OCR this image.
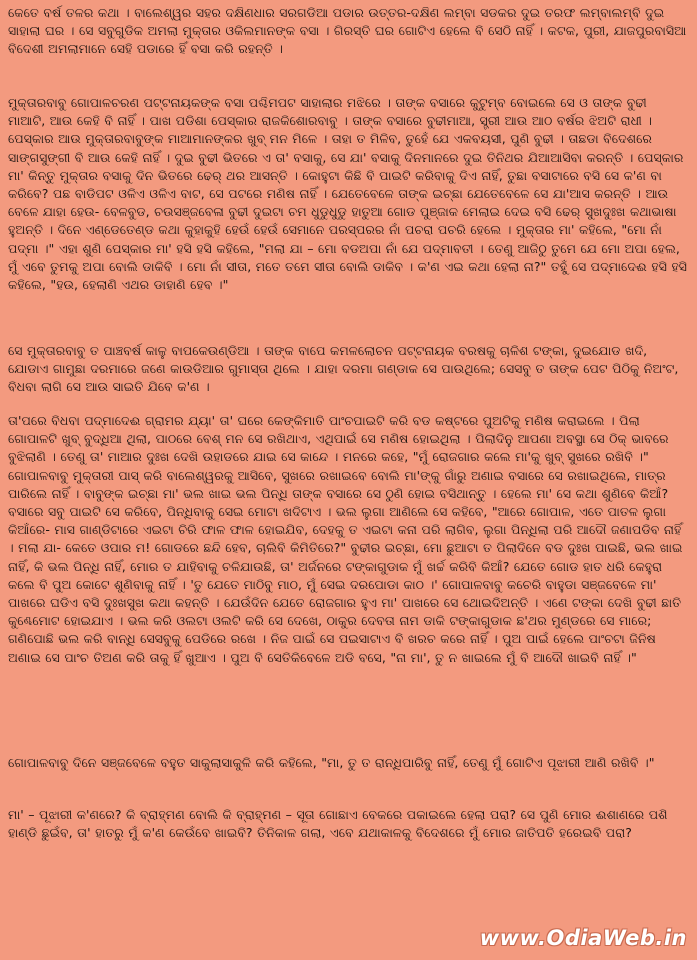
କେତେ ବର୍ଷ ତଳର କଥା । ବାଲେଶ୍ୱର ସହର ଦକ୍ଷିଣଧାର ସରଗଡିଆ ପଡାର ଉତ୍ତର-ଦକ୍ଷିଣ ଲମ୍ବା ସଡକର ଦୁଇ ତରଫ ଲମ୍ବାଲମ୍ବି ଦୁଇ ସାହାଲା ଘର । ସେ ସବୁଗୁଡିକ ଅମଲା ମୁକ୍ତାର ଓକିଲମାନଙ୍କ ବସା । ଗିରସ୍ତି ଘର ଗୋଟିଏ ହେଲେ ବି ସେଠି ନାହିଁ । କଟକ, ପୁରୀ, ଯାଜପୁରବାସିଆ ବିଦେଶୀ ଅମଲାମାନେ ସେହି ପଡାରେ ହିଁ ବସା କରି ରହନ୍ତି ।

ମୁକ୍ତାରବାବୁ ଗୋପାଳଚରଣ ପଟ୍ଟନାୟକଙ୍କ ବସା ପଶ୍ଚିମପଟ ସାହାଲାର ମଝିରେ । ତାଙ୍କ ବସାରେ କୁଟୁମ୍ବ ବୋଇଲେ ସେ ଓ ତାଙ୍କ ବୁଢୀ ମାଆଟି, ଆଉ କେହି ବି ନାହିଁ । ପାଖ ପଡିଶା ପେସ୍କାର ରାଜକିଶୋରବାବୁ । ତାଙ୍କ ବସାରେ ବୁଢୀମାଆ, ସ୍ତ୍ରୀ ଆଉ ଆଠ ବର୍ଷର ଝିଅଟି ରାଧୀ । ପେସ୍କାର ଆଉ ମୁକ୍ତାରବାବୁଙ୍କ ମାଆମାନଙ୍କର ଖୁବ୍ ମନ ମିଳେ । ତାହା ତ ମିଳିବ, ତୁହେଁ ଯେ ଏକବୟସୀ, ପୁଣି ବୁଢୀ । ତାଛଡା ବିଦେଶରେ ସାଙ୍ଗସୁଙ୍ଗୀ ବି ଆଉ କେହି ନାହିଁ । ଦୁଇ ବୁଢୀ ଭିତରେ ଏ ତା' ବସାକୁ, ସେ ଯା' ବସାକୁ ଦିନମାନରେ ଦୁଇ ତିନିଥର ଯିଆଆସିବା କରନ୍ତି । ପେସ୍କାର ମା' କିନ୍ତୁ ମୁକ୍ତାର ବସାକୁ ଦିନ ଭିତରେ ଢେର୍ ଥର ଆସନ୍ତି । କୋହୁଟା କିଛି ବି ପାଇଟି କରିବାକୁ ଦିଏ ନାହିଁ, ତୁଛା ବସାଟାରେ ବସି ସେ କ'ଣ ବା କରିବେ? ପଛ ବାଡିପଟ ଓଳିଏ ଓଳିଏ ବାଟ, ସେ ପଟରେ ମଣିଷ ନାହିଁ । ଯେତେବେଳେ ତାଙ୍କ ଇଚ୍ଛା ଯେତେବେଳେ ସେ ଯା'ଆସ କରନ୍ତି । ଆଉ ବେଳେ ଯାହା ହେଉ- ବେଳବୁଡ, ଚଉସଞ୍ଜବେଳା ବୁଢୀ ଦୁଇଟା ଚମ ଧୁଡୁଧୁଡୁ ହାତୁଆ ଗୋଡ ପୁଞ୍ଜାକ ମେଲାଇ ଦେଇ ବସି ଢେର୍ ସୁଖଦୁଃଖ କଥାଭାଷା ହୁଅନ୍ତି । ଦିନେ ଏଣ୍ଡେତେଣ୍ଡ କଥା କୁହାକୁହି ହେଉଁ ହେଉଁ ସେମାନେ ପରସ୍ପରର ନାଁ ପଚରା ପଚରି ହେଲେ । ମୁକ୍ତାର ମା' କହିଲେ, "ମୋ ନାଁ ପଦ୍ମା ।" ଏହା ଶୁଣି ପେସ୍କାର ମା' ହସି ହସି କହିଲେ, "ମଲା ଯା – ମୋ ବଡଅପା ନାଁ ଯେ ପଦ୍ମାବତୀ । ତେଣୁ ଆଜିଠୁ ତୁମେ ଯେ ମୋ ଅପା ହେଲ, ମୁଁ ଏବେ ତୁମକୁ ଅପା ବୋଲି ଡାକିବି । ମୋ ନାଁ ସୀତା, ମତେ ତମେ ସୀତା ବୋଲି ଡାକିବ । କ'ଣ ଏଇ କଥା ହେଲା ନା?" ତହୁଁ ସେ ପଦ୍ମାଦେଈ ହସି ହସି କହିଲେ, "ହଉ, ହେଲାଣି ଏଥର ଡାହାଣି ହେବ ।"

ସେ ମୁକ୍ତାରବାବୁ ତ ପାଞ୍ଚବର୍ଷ କାଳୁ ବାପକେଉଣ୍ଡିଆ । ତାଙ୍କ ବାପେ କମଳଲୋଚନ ପଟ୍ଟନାୟକ ବରଷକୁ ଚାଳିଶ ଟଙ୍କା, ଦୁଇଯୋଡ ଖଦି, ଯୋଡାଏ ଗାମୁଛା ଦରମାରେ ଜଣେ କାଉଡିଆର ଗୁମାସ୍ତା ଥିଲେ । ଯାହା ଦରମା ଗଣ୍ଡାକ ସେ ପାଉଥିଲେ; ସେସବୁ ତ ତାଙ୍କ ପେଟ ପିଠିକୁ ନିଅଂଟ, ବିଧବା ଲାଗି ସେ ଆଉ ସାଇତି ଯିବେ କ'ଣ ।

ତା'ପରେ ବିଧବା ପଦ୍ମାଦେଈ ଗ୍ରାମର ଯ୍ୟା' ତା' ଘରେ କେଙ୍କିମାତି ପାଂଚପାଇଟି କରି ବଡ କଷ୍ଟରେ ପୁଅଟିକୁ ମଣିଷ କରାଇଲେ । ପିଲା ଗୋପାଳଟି ଖୁବ୍ ବୁଦ୍ଧିଆ ଥିଲା, ପାଠରେ ବେଶ୍ ମନ ସେ ରଖିଥାଏ, ଏଥିପାଇଁ ସେ ମଣିଷ ହୋଇଥିଲା । ପିଲାଦିନୁ ଆପଣା ଅବସ୍ଥା ସେ ଠିକ୍ ଭାବରେ ବୁଝିଲାଣି । ତେଣୁ ତା' ମାଆର ଦୁଃଖ ଦେଖି ଉହାଡରେ ଯାଇ ସେ କାନ୍ଦେ । ମନରେ କହେ, "ମୁଁ ରୋଜଗାର କଲେ ମା'କୁ ଖୁବ୍ ସୁଖରେ ରଖିବି ।" ଗୋପାଳବାବୁ ମୁକ୍ତାରୀ ପାସ୍ କରି ବାଲେଶ୍ୱରକୁ ଆସିବେ, ସୁଖରେ ରଖାଇବେ ବୋଲି ମା'ଙ୍କୁ ଗାଁରୁ ଅଣାଇ ବସାରେ ସେ ରଖାଇଥିଲେ, ମାତ୍ର ପାରିଲେ ନାହିଁ । ବାବୁଙ୍କ ଇଚ୍ଛା ମା' ଭଲ ଖାଇ ଭଲ ପିନ୍ଧି ତାଙ୍କ ବସାରେ ସେ ଠୁଣି ହୋଇ ବସିଥାନ୍ତୁ । ହେଲେ ମା' ସେ କଥା ଶୁଣିବେ କିଆଁ? ବସାରେ ସବୁ ପାଇଟି ସେ କରିବେ, ପିନ୍ଧିବାକୁ ସେଇ ମୋଟା ଖଦିଟାଏ । ଭଲ ଲୁଗା ଆଣିଲେ ସେ କହିବେ, "ଆରେ ଗୋପାଳ, ଏତେ ପାତଳ ଲୁଗା କିଆଁରେ- ମାସ ଗାଣ୍ଡିଟାରେ ଏଇଟା ଚିରି ଫାଳ ଫାଳ ହୋଇଯିବ, ଦେହକୁ ତ ଏଇଟା କନା ପରି ଲାଗିବ, ଲୁଗା ପିନ୍ଧିଲା ପରି ଆଦୌ ଜଣାପଡିବ ନାହିଁ । ମଲା ଯା- କେତେ ଓପାର ମ! ଗୋଡରେ ଛନ୍ଦି ହେବ, ଚାଲିବି କିମିତିରେ?" ବୁଢୀର ଇଚ୍ଛା, ମୋ ଛୁଆଟା ତ ପିଲାଦିନେ ବଡ ଦୁଃଖ ପାଇଛି, ଭଲ ଖାଇ ନାହିଁ, କି ଭଲ ପିନ୍ଧି ନାହିଁ, ମୋର ତ ଯାହିବାକୁ ଚଳିଯାଉଛି, ତା' ଅର୍ଜନରେ ଟଙ୍କାଗୁଡାକ ମୁଁ ଖର୍ଚ୍ଚ କରିବି କିଆଁ? ଯେତେ ଗୋଡ ହାତ ଧରି କେହୁରା କଲେ ବି ପୁଅ କୋଟେ ଶୁଣିବାକୁ ନାହିଁ । 'ତୁ ଯେତେ ମାଠିବୁ ମାଠ, ମୁଁ ସେଇ ଦରପୋଡା କାଠ ।' ଗୋପାଳବାବୁ କଚେରି ବାହୁଡା ସଞ୍ଜବେଳେ ମା' ପାଖରେ ଘଡିଏ ବସି ଦୁଃଖସୁଖ କଥା କହନ୍ତି । ଯେଉଁଦିନ ଯେତେ ରୋଜଗାର ହୁଏ ମା' ପାଖରେ ସେ ଥୋଇଦିଅନ୍ତି । ଏଣେ ଟଙ୍କା ଦେଖି ବୁଢୀ ଛାତି କୁଣ୍ଢେମୋଟ ହୋଇଯାଏ । ଭଲ କରି ଓଲଟା ଓଲଟି କରି ସେ ଦେଖେ, ଠାକୁର ଦେବତା ନାମ ଡାକି ଟଙ୍କାଗୁଡାକ ଛ'ଥର ମୁଣ୍ଡରେ ସେ ମାରେ; ଗଣିପୋଛି ଭଲ କରି ବାନ୍ଧି ସେସବୁକୁ ପେଡିରେ ରଖେ । ନିଜ ପାଇଁ ସେ ପଇସାଟାଏ ବି ଖରଚ କରେ ନାହିଁ । ପୁଅ ପାଇଁ ହେଲେ ପାଂଚଟା ଜିନିଷ ଅଣାଇ ସେ ପାଂଚ ତିଅଣ କରି ତାକୁ ହିଁ ଖୁଆଏ । ପୁଅ ବି ସେତିକିବେଳେ ଅଡି ବସେ, "ନା ମା', ତୁ ନ ଖାଇଲେ ମୁଁ ବି ଆଦୌ ଖାଇବି ନାହିଁ ।"

ଗୋପାଳବାବୁ ଦିନେ ସଞ୍ଜବେଳେ ବହୁତ ସାକୁଲାସାକୁଳି କରି କହିଲେ, "ମା, ତୁ ତ ରାନ୍ଧିପାରିବୁ ନାହିଁ, ତେଣୁ ମୁଁ ଗୋଟିଏ ପୂଝାରୀ ଆଣି ରଖିବି ।"

ମା' – ପୂଝାରୀ କ'ଣରେ? କି ବ୍ରାହ୍ମଣ ବୋଲି କି ବ୍ରାହ୍ମଣ – ସୂତା ଗୋଛାଏ ବେକରେ ପକାଇଲେ ହେଲା ପରା? ସେ ପୁଣି ମୋର ଈଶାଣରେ ପଶି ହାଣ୍ଡି ଛୁଇଁବ, ତା' ହାତରୁ ମୁଁ କ'ଣ କେଉଁବେ ଖାଇବି? ତିନିକାଳ ଗଲା, ଏବେ ଯଥାକାଳକୁ ବିଦେଶରେ ମୁଁ ମୋର ଜାତିପତି ହରେଇବି ପରା?

www.OdiaWeb.in
